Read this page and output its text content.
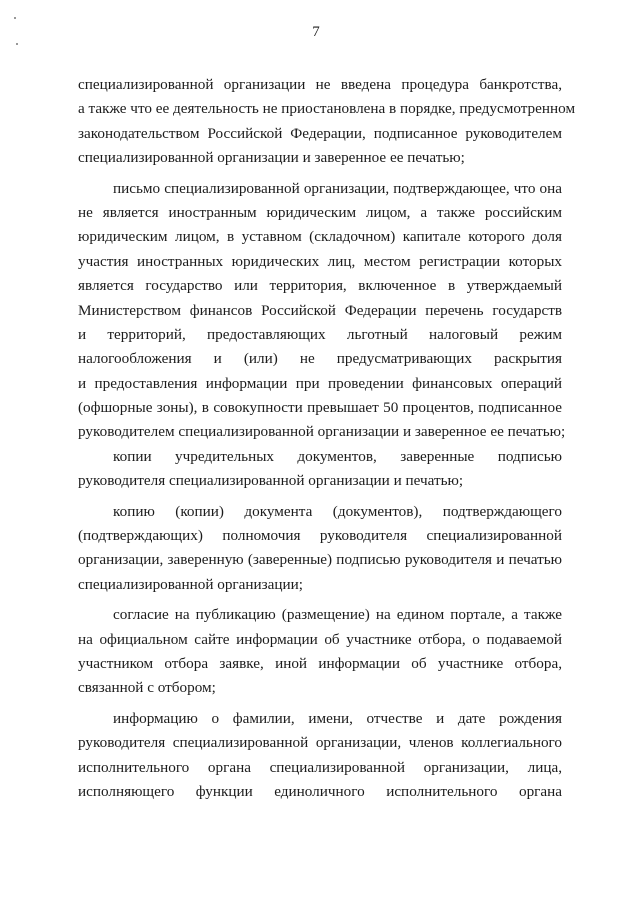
7
специализированной организации не введена процедура банкротства,
а также что ее деятельность не приостановлена в порядке, предусмотренном
законодательством Российской Федерации, подписанное руководителем
специализированной организации и заверенное ее печатью;
письмо специализированной организации, подтверждающее, что она
не является иностранным юридическим лицом, а также российским
юридическим лицом, в уставном (складочном) капитале которого доля
участия иностранных юридических лиц, местом регистрации которых
является государство или территория, включенное в утверждаемый
Министерством финансов Российской Федерации перечень государств
и территорий, предоставляющих льготный налоговый режим
налогообложения и (или) не предусматривающих раскрытия
и предоставления информации при проведении финансовых операций
(офшорные зоны), в совокупности превышает 50 процентов, подписанное
руководителем специализированной организации и заверенное ее печатью;
копии учредительных документов, заверенные подписью
руководителя специализированной организации и печатью;
копию (копии) документа (документов), подтверждающего
(подтверждающих) полномочия руководителя специализированной
организации, заверенную (заверенные) подписью руководителя и печатью
специализированной организации;
согласие на публикацию (размещение) на едином портале, а также
на официальном сайте информации об участнике отбора, о подаваемой
участником отбора заявке, иной информации об участнике отбора,
связанной с отбором;
информацию о фамилии, имени, отчестве и дате рождения
руководителя специализированной организации, членов коллегиального
исполнительного органа специализированной организации, лица,
исполняющего функции единоличного исполнительного органа
